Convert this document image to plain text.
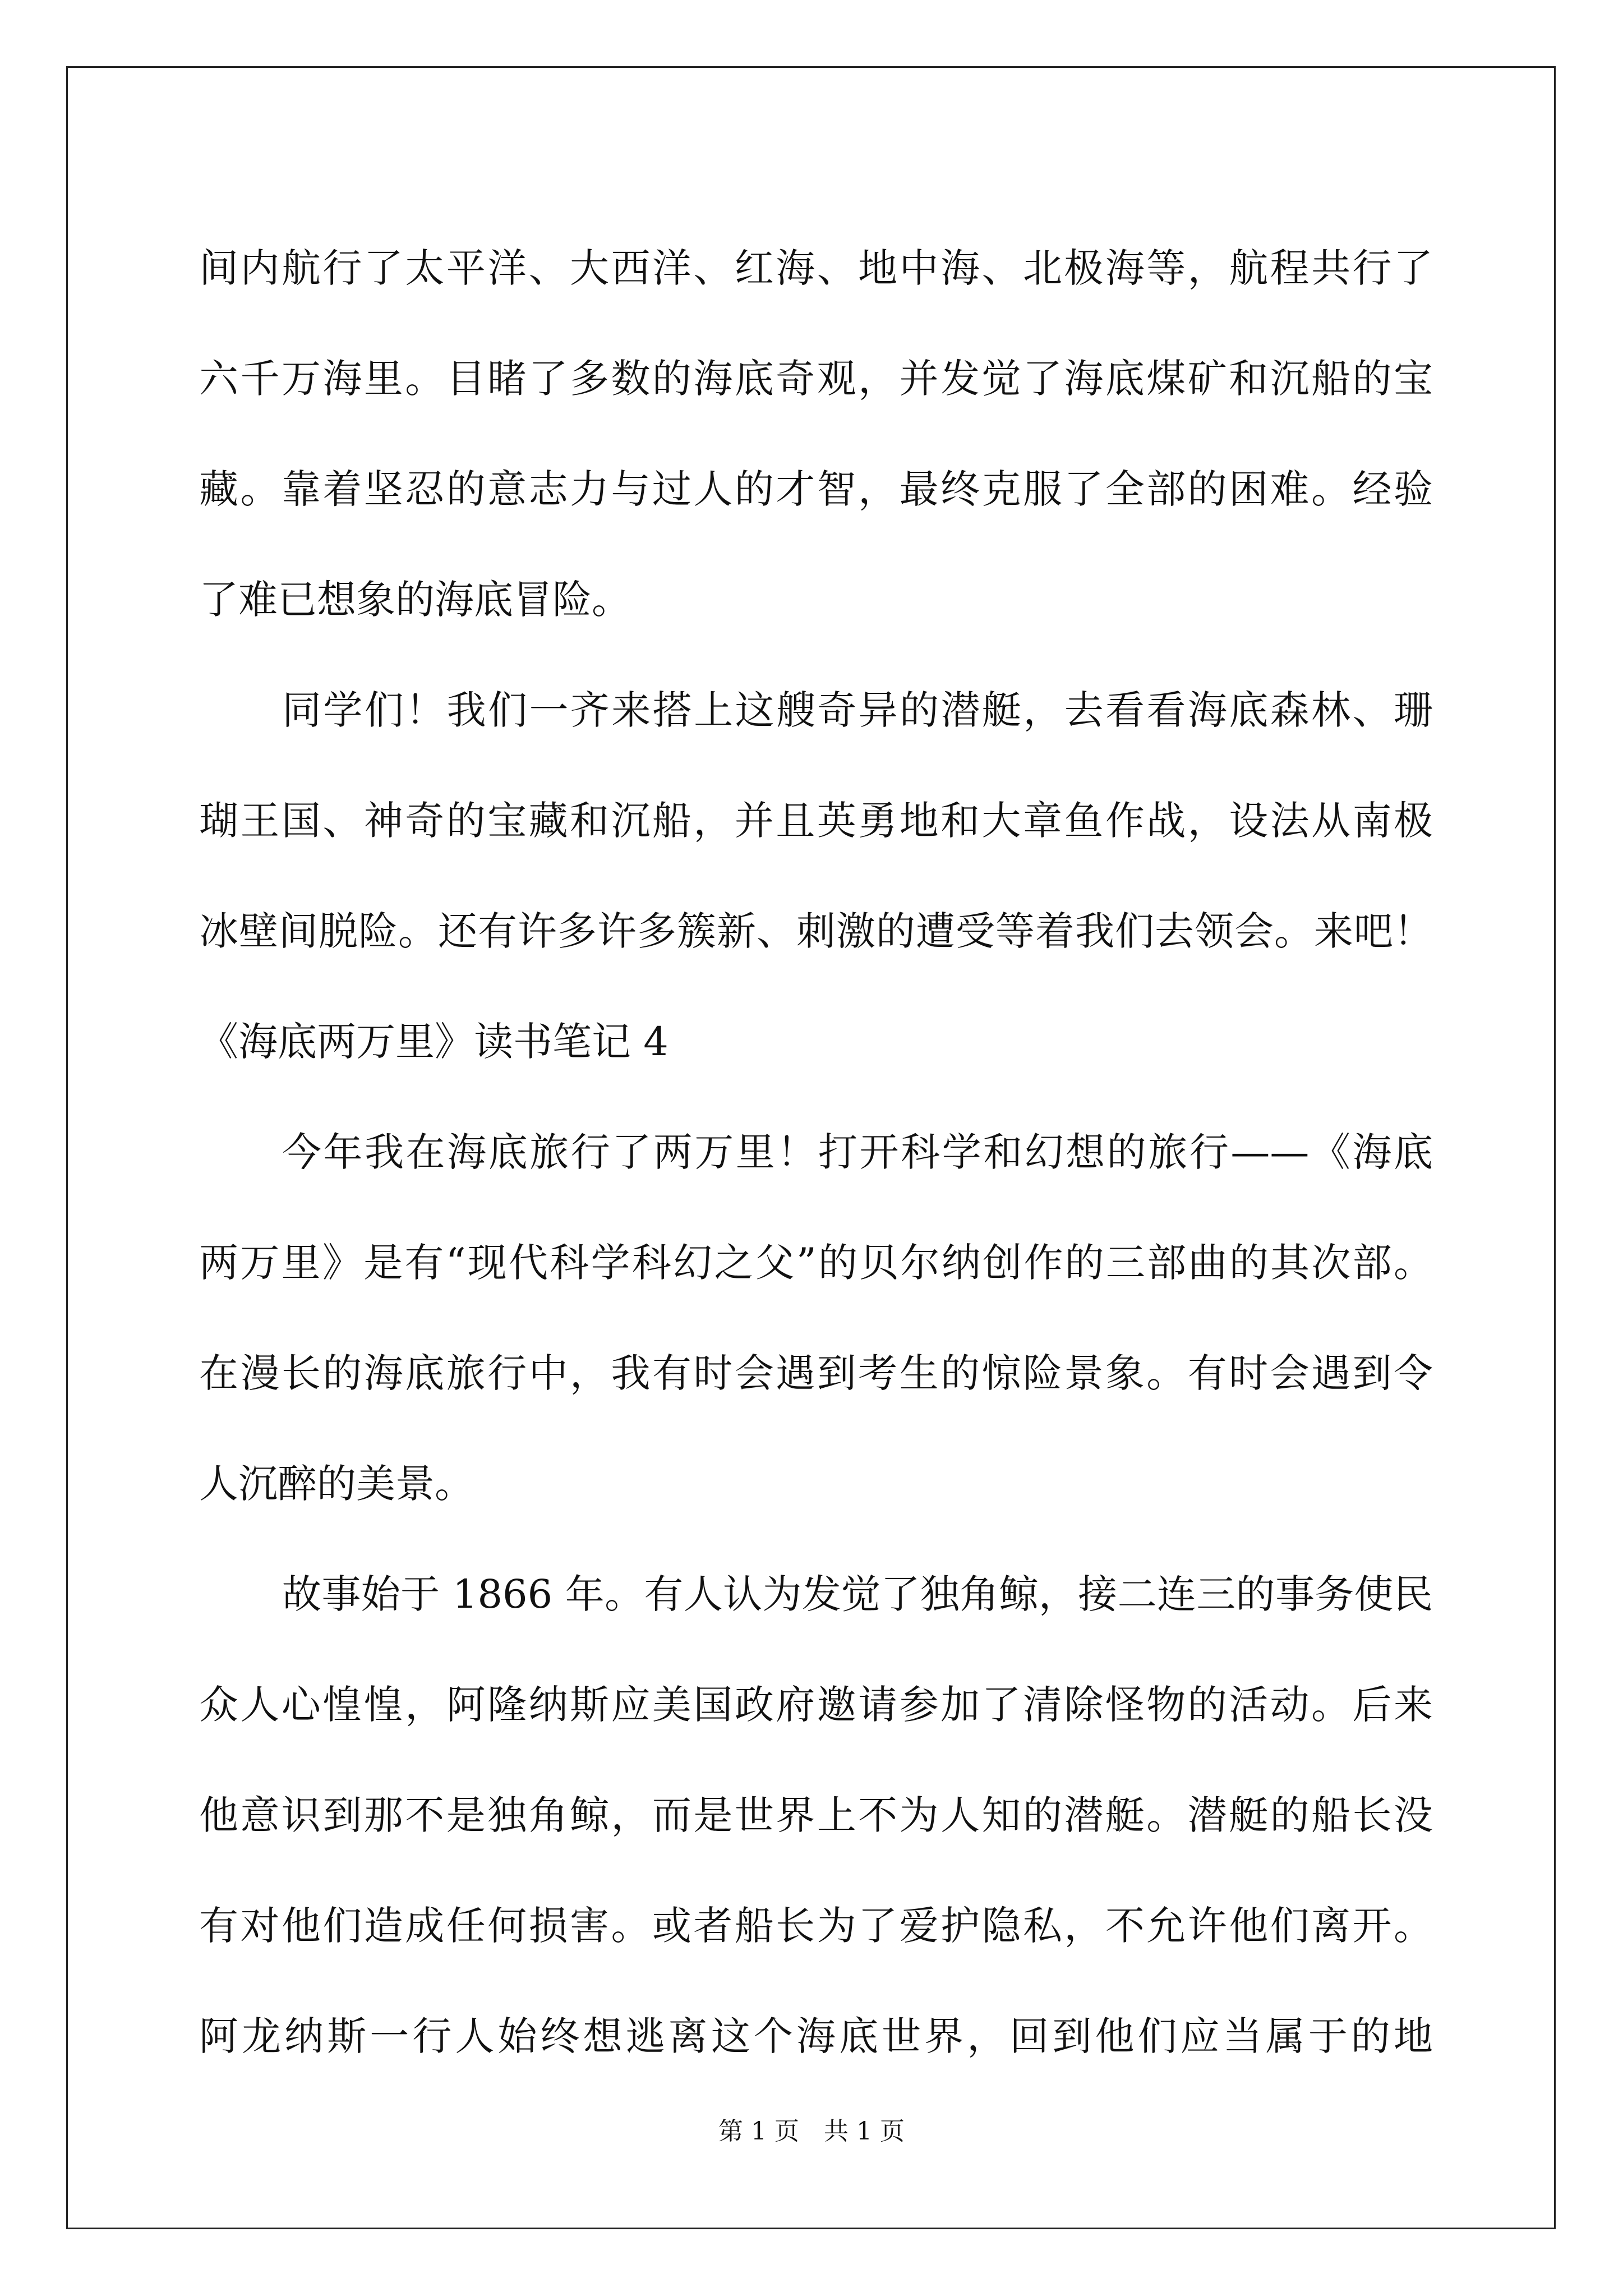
间内航行了太平洋、大西洋、红海、地中海、北极海等，航程共行了
六千万海里。目睹了多数的海底奇观，并发觉了海底煤矿和沉船的宝
藏。靠着坚忍的意志力与过人的才智，最终克服了全部的困难。经验
了难已想象的海底冒险。
同学们！我们一齐来搭上这艘奇异的潜艇，去看看海底森林、珊
瑚王国、神奇的宝藏和沉船，并且英勇地和大章鱼作战，设法从南极
冰壁间脱险。还有许多许多簇新、刺激的遭受等着我们去领会。来吧！
《海底两万里》读书笔记 4
今年我在海底旅行了两万里！打开科学和幻想的旅行——《海底
两万里》是有“现代科学科幻之父”的贝尔纳创作的三部曲的其次部。
在漫长的海底旅行中，我有时会遇到考生的惊险景象。有时会遇到令
人沉醉的美景。
故事始于 1866 年。有人认为发觉了独角鲸，接二连三的事务使民
众人心惶惶，阿隆纳斯应美国政府邀请参加了清除怪物的活动。后来
他意识到那不是独角鲸，而是世界上不为人知的潜艇。潜艇的船长没
有对他们造成任何损害。或者船长为了爱护隐私，不允许他们离开。
阿龙纳斯一行人始终想逃离这个海底世界，回到他们应当属于的地
第 1 页 共 1 页
